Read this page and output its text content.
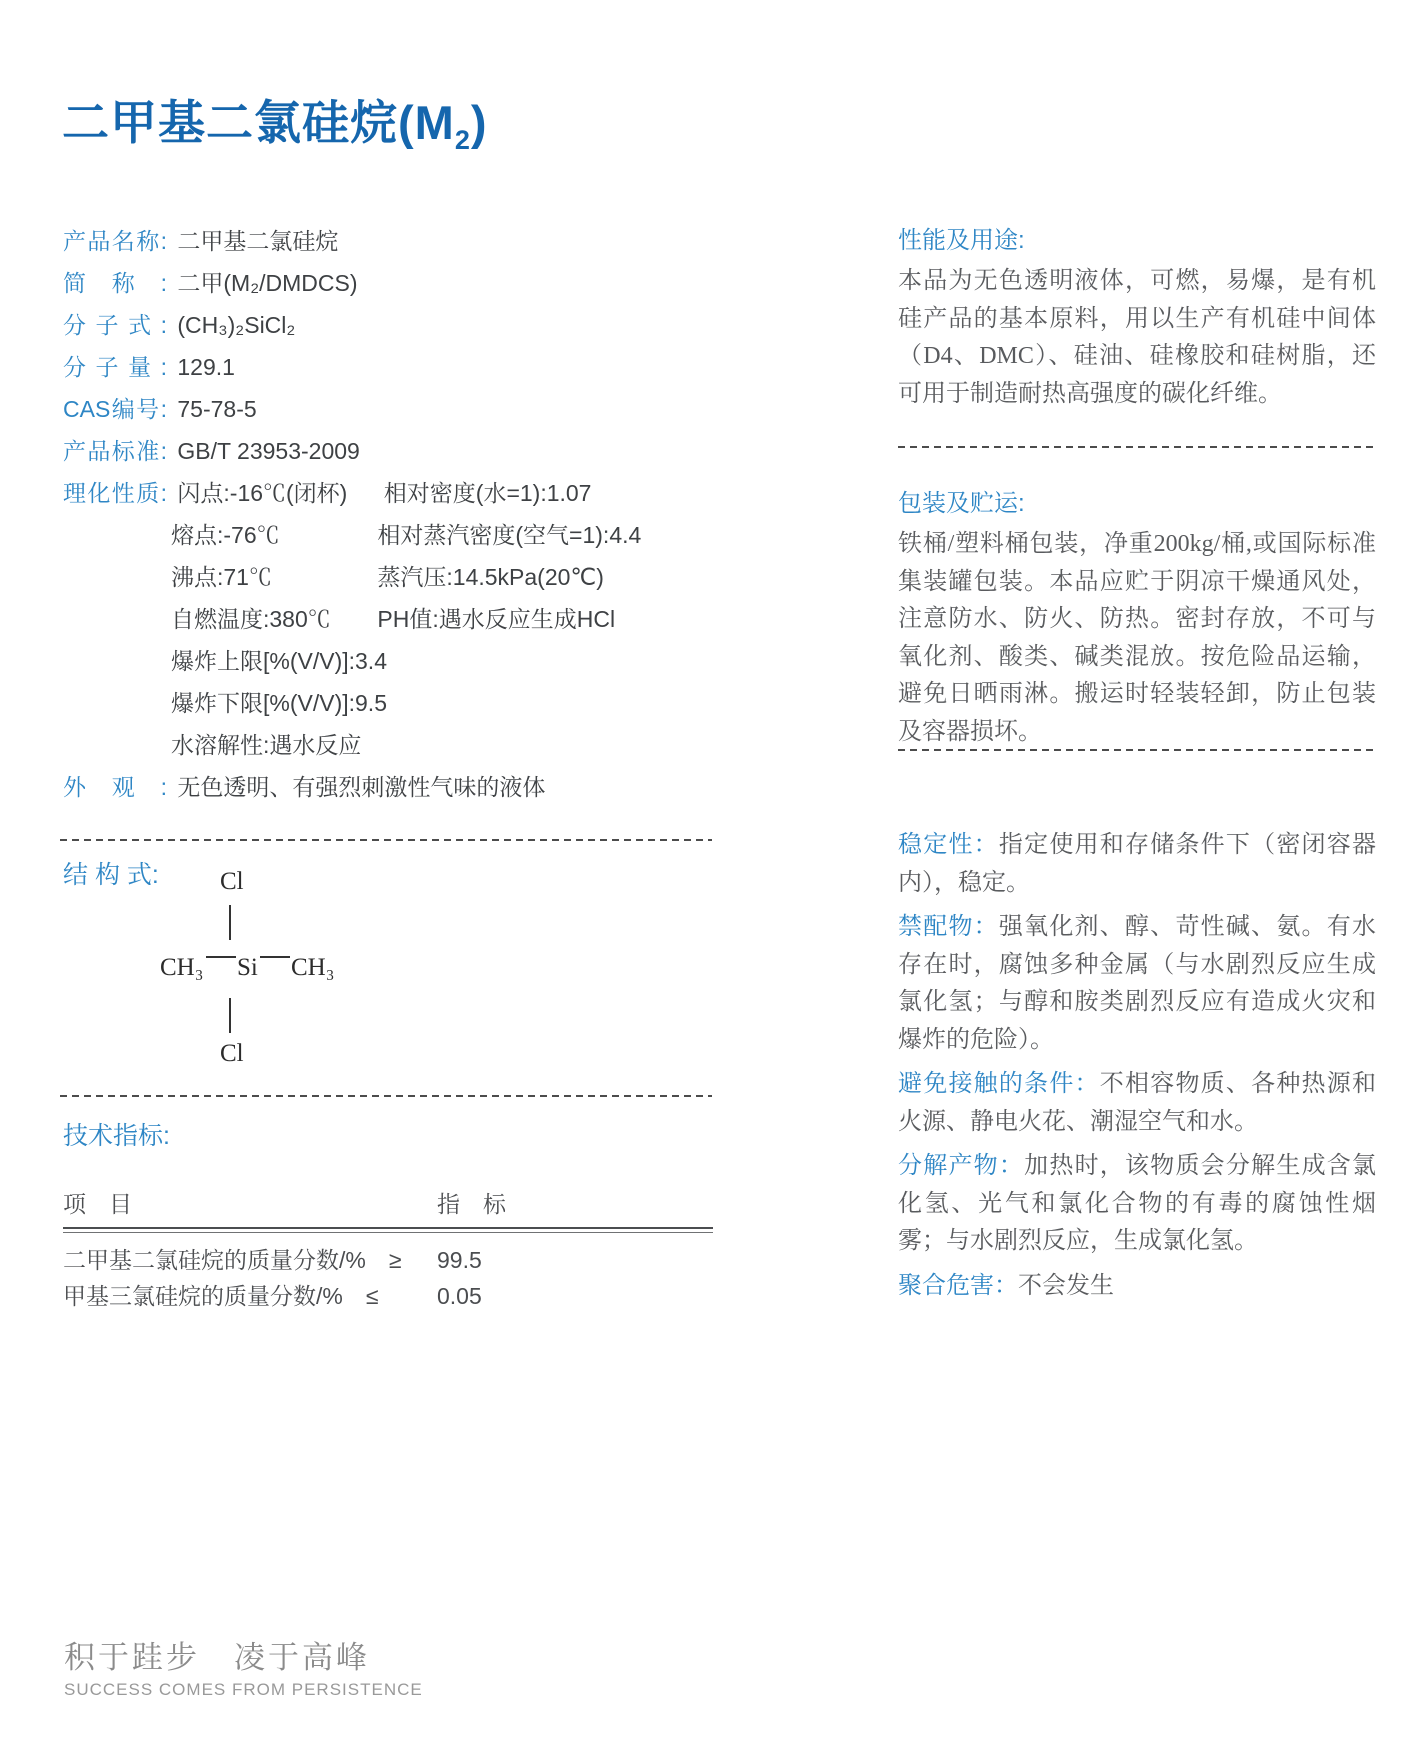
二甲基二氯硅烷$(M_2)$
产品名称: 二甲基二氯硅烷
简称: 二甲(M₂/DMDCS)
分子式: (CH₃)₂SiCl₂
分子量: 129.1
CAS编号: 75-78-5
产品标准: GB/T 23953-2009
理化性质: 闪点:-16℃(闭杯) 相对密度(水=1):1.07
熔点:-76℃	相对蒸汽密度(空气=1):4.4
沸点:71℃	蒸汽压:14.5kPa(20℃)
自燃温度:380℃ PH值:遇水反应生成HCl
爆炸上限[%(V/V)]:3.4
爆炸下限[%(V/V)]:9.5
水溶解性:遇水反应
外观: 无色透明、有强烈刺激性气味的液体
结 构 式: Cl
CH₃ Si CH₃
Cl
技术指标:
项　目	指　标
二甲基二氯硅烷的质量分数/%　≥	99.5
甲基三氯硅烷的质量分数/%　≤	0.05
性能及用途:

本品为无色透明液体，可燃，易爆，是有机硅产品的基本原料，用以生产有机硅中间体（D4、DMC）、硅油、硅橡胶和硅树脂，还可用于制造耐热高强度的碳化纤维。

包装及贮运:

铁桶/塑料桶包装，净重200kg/桶,或国际标准集装罐包装。本品应贮于阴凉干燥通风处，注意防水、防火、防热。密封存放，不可与氧化剂、酸类、碱类混放。按危险品运输，避免日晒雨淋。搬运时轻装轻卸，防止包装及容器损坏。

稳定性：指定使用和存储条件下（密闭容器内），稳定。

禁配物：强氧化剂、醇、苛性碱、氨。有水存在时，腐蚀多种金属（与水剧烈反应生成氯化氢；与醇和胺类剧烈反应有造成火灾和爆炸的危险）。

避免接触的条件：不相容物质、各种热源和火源、静电火花、潮湿空气和水。

分解产物：加热时，该物质会分解生成含氯化氢、光气和氯化合物的有毒的腐蚀性烟雾；与水剧烈反应，生成氯化氢。

聚合危害：不会发生

积于跬步　凌于高峰
SUCCESS COMES FROM PERSISTENCE
